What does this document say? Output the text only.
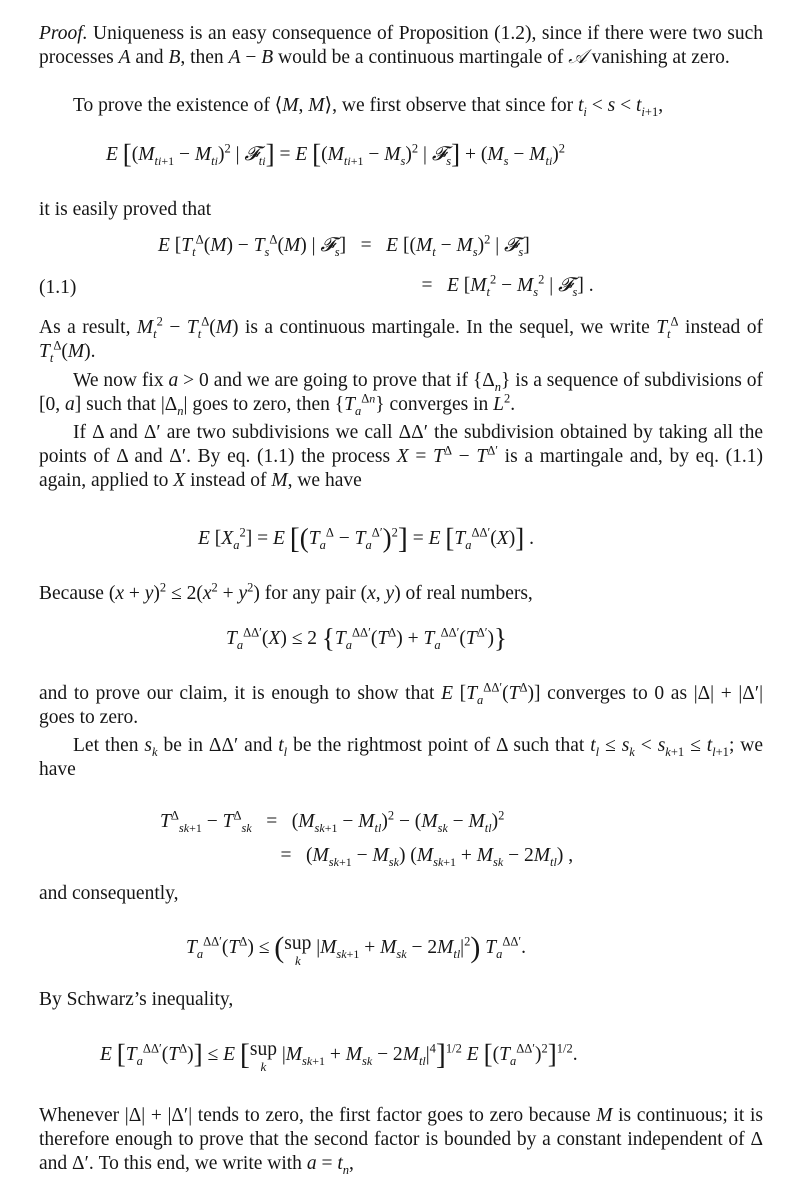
Proof. Uniqueness is an easy consequence of Proposition (1.2), since if there were two such processes A and B, then A − B would be a continuous martingale of 𝒜 vanishing at zero.
To prove the existence of ⟨M, M⟩, we first observe that since for $t_i < s < t_{i+1}$,
E [$(M_{ti+1} - M_{ti})^2$ | 𝓕$_{ti}$] = E [$(M_{ti+1} - M_s)^2$ | 𝓕$_s$] + $(M_s - M_{ti})^2$
it is easily proved that
E [$T_t^\Delta(M) - T_s^\Delta(M)$ | 𝓕$_s$] = E [$(M_t - M_s)^2$ | 𝓕$_s$]
(1.1)	= E [$M_t^2 - M_s^2$ | 𝓕$_s$] .
As a result, $M_t^2 - T_t^\Delta(M)$ is a continuous martingale. In the sequel, we write $T_t^\Delta$ instead of $T_t^\Delta(M)$.
We now fix a > 0 and we are going to prove that if $\{\Delta_n\}$ is a sequence of subdivisions of [0, a] such that $|\Delta_n|$ goes to zero, then $\{T_a^{\Delta n}\}$ converges in $L^2$.
If Δ and Δ′ are two subdivisions we call ΔΔ′ the subdivision obtained by taking all the points of Δ and Δ′. By eq. (1.1) the process $X = T^\Delta - T^{\Delta'}$ is a martingale and, by eq. (1.1) again, applied to X instead of M, we have
E $[X_a^2] = E$ $[(T_a^\Delta - T_a^{\Delta'})^2] = E$ $[T_a^{\Delta\Delta'}(X)]$ .
Because $(x + y)^2 \le 2(x^2 + y^2)$ for any pair (x, y) of real numbers,
$T_a^{\Delta\Delta'}(X) \le 2$ $\{T_a^{\Delta\Delta'}(T^\Delta) + T_a^{\Delta\Delta'}(T^{\Delta'})\}$
and to prove our claim, it is enough to show that E $[T_a^{\Delta\Delta'}(T^\Delta)]$ converges to 0 as |Δ| + |Δ′| goes to zero.
Let then $s_k$ be in ΔΔ′ and $t_l$ be the rightmost point of Δ such that $t_l \le s_k < s_{k+1} \le t_{l+1}$; we have
$T^\Delta_{sk+1} - T^\Delta_{sk} = (M_{sk+1} - M_{tl})^2 - (M_{sk} - M_{tl})^2$
= $(M_{sk+1} - M_{sk}) (M_{sk+1} + M_{sk} - 2M_{tl})$ ,
and consequently,
$T_a^{\Delta\Delta'}(T^\Delta) \le (sup$
k
$|M_{sk+1} + M_{sk} - 2M_{tl}|^2$) $T_a^{\Delta\Delta'}$.
By Schwarz’s inequality,
E $[T_a^{\Delta\Delta'}(T^\Delta)] \le E$ [sup
k
$|M_{sk+1} + M_{sk} - 2M_{tl}|^4]^{1/2}$ E $[(T_a^{\Delta\Delta'})^2]^{1/2}$.
Whenever |Δ| + |Δ′| tends to zero, the first factor goes to zero because M is continuous; it is therefore enough to prove that the second factor is bounded by a constant independent of Δ and Δ′. To this end, we write with $a = t_n$,
